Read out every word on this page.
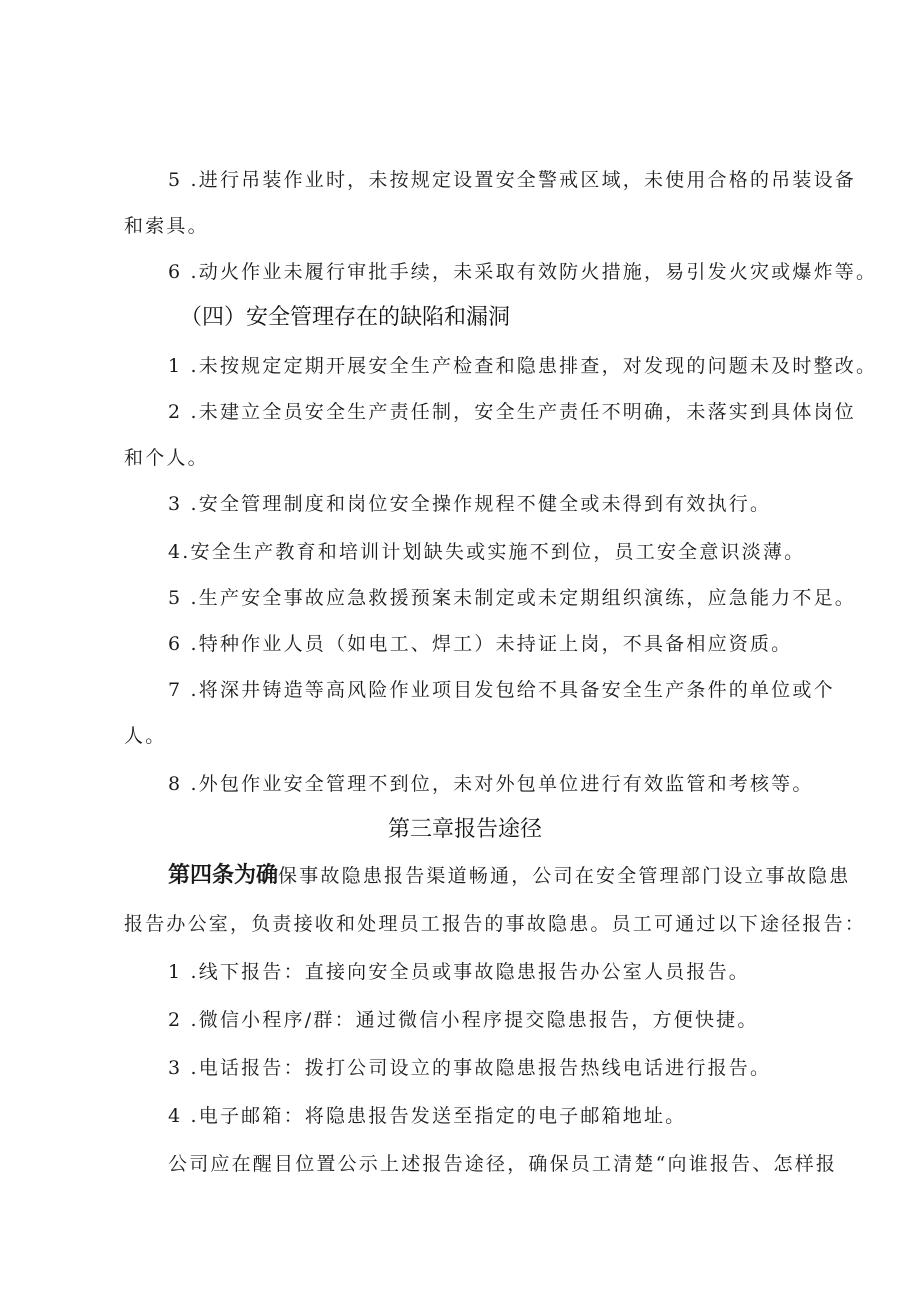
5 .进行吊装作业时，未按规定设置安全警戒区域，未使用合格的吊装设备
和索具。
6 .动火作业未履行审批手续，未采取有效防火措施，易引发火灾或爆炸等。
（四）安全管理存在的缺陷和漏洞
1 .未按规定定期开展安全生产检查和隐患排查，对发现的问题未及时整改。
2 .未建立全员安全生产责任制，安全生产责任不明确，未落实到具体岗位
和个人。
3 .安全管理制度和岗位安全操作规程不健全或未得到有效执行。
4.安全生产教育和培训计划缺失或实施不到位，员工安全意识淡薄。
5 .生产安全事故应急救援预案未制定或未定期组织演练，应急能力不足。
6 .特种作业人员（如电工、焊工）未持证上岗，不具备相应资质。
7 .将深井铸造等高风险作业项目发包给不具备安全生产条件的单位或个
人。
8 .外包作业安全管理不到位，未对外包单位进行有效监管和考核等。
第三章报告途径
第四条为确保事故隐患报告渠道畅通，公司在安全管理部门设立事故隐患
报告办公室，负责接收和处理员工报告的事故隐患。员工可通过以下途径报告：
1 .线下报告：直接向安全员或事故隐患报告办公室人员报告。
2 .微信小程序/群：通过微信小程序提交隐患报告，方便快捷。
3 .电话报告：拨打公司设立的事故隐患报告热线电话进行报告。
4 .电子邮箱：将隐患报告发送至指定的电子邮箱地址。
公司应在醒目位置公示上述报告途径，确保员工清楚“向谁报告、怎样报
